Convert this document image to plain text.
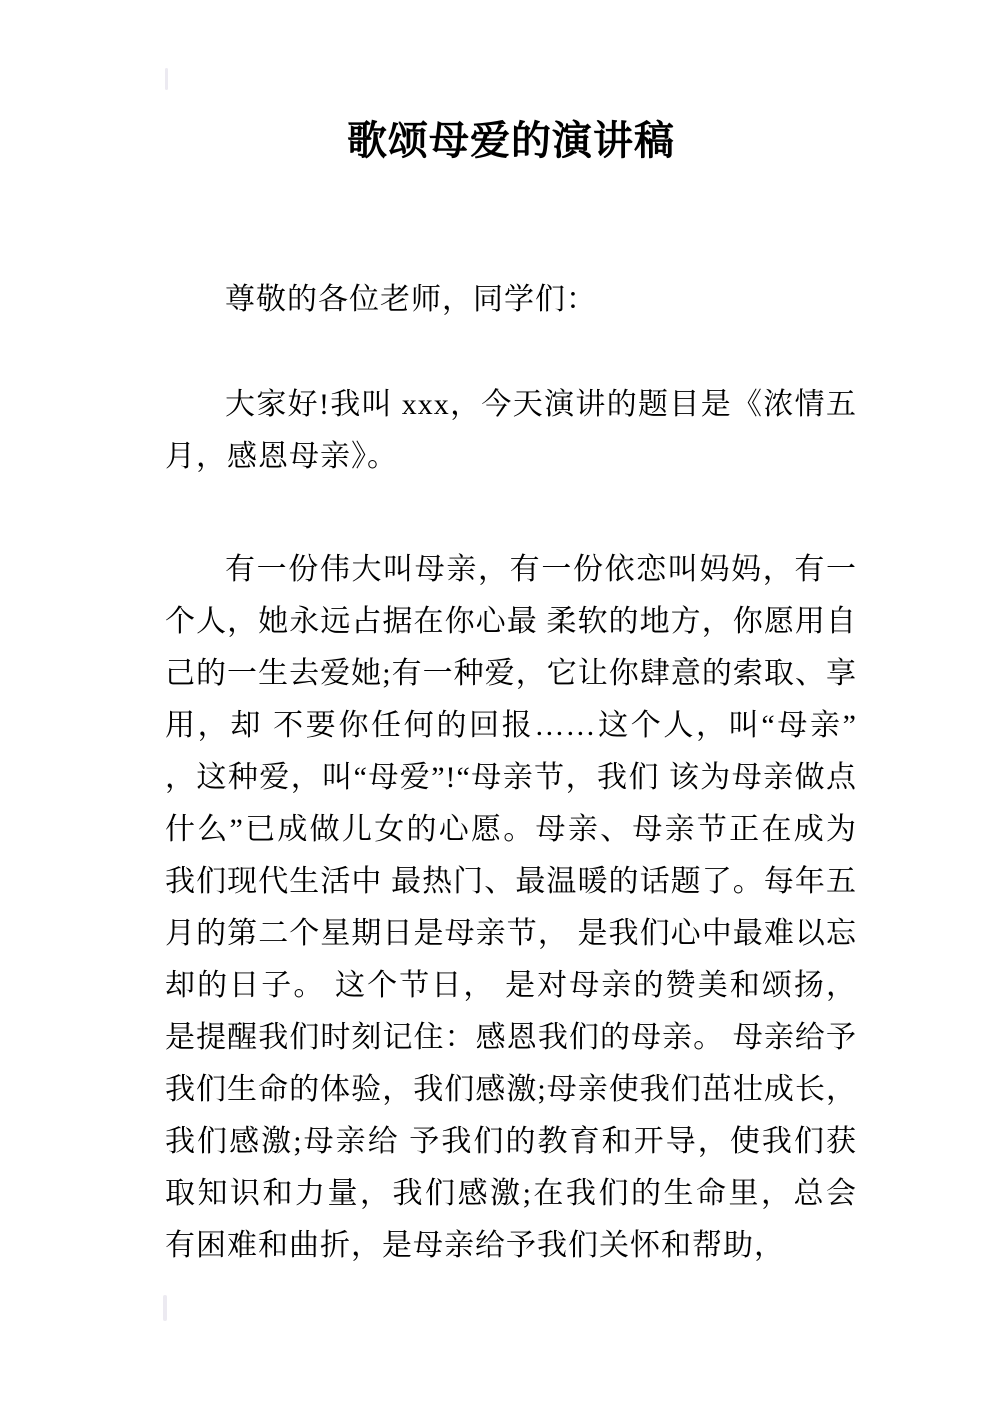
歌颂母爱的演讲稿

尊敬的各位老师，同学们：

大家好!我叫 xxx，今天演讲的题目是《浓情五月，感恩母亲》。

有一份伟大叫母亲，有一份依恋叫妈妈，有一个人，她永远占据在你心最 柔软的地方，你愿用自己的一生去爱她;有一种爱，它让你肆意的索取、享用，却 不要你任何的回报……这个人，叫“母亲” ，这种爱，叫“母爱”!“母亲节，我们 该为母亲做点什么”已成做儿女的心愿。母亲、母亲节正在成为我们现代生活中 最热门、最温暖的话题了。每年五月的第二个星期日是母亲节， 是我们心中最难以忘却的日子。 这个节日， 是对母亲的赞美和颂扬，是提醒我们时刻记住：感恩我们的母亲。 母亲给予我们生命的体验，我们感激;母亲使我们茁壮成长，我们感激;母亲给 予我们的教育和开导，使我们获取知识和力量，我们感激;在我们的生命里，总会 有困难和曲折，是母亲给予我们关怀和帮助，
